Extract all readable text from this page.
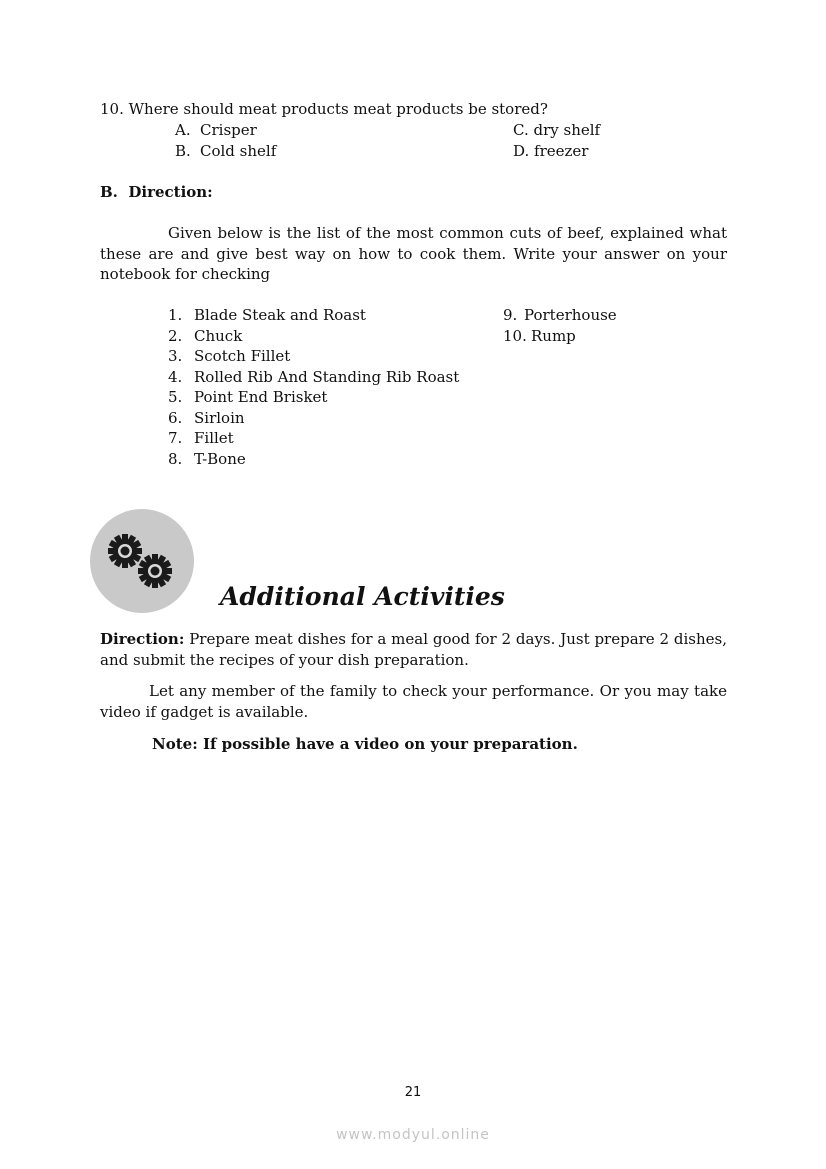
10. Where should meat products meat products be stored?
A. Crisper
B. Cold shelf
C. dry shelf
D. freezer
B. Direction:
Given below is the list of the most common cuts of beef, explained what these are and give best way on how to cook them. Write your answer on your notebook for checking
1. Blade Steak and Roast
2. Chuck
3. Scotch Fillet
4. Rolled Rib And Standing Rib Roast
5. Point End Brisket
6. Sirloin
7. Fillet
8. T-Bone
9. Porterhouse
10. Rump
Additional Activities
Direction: Prepare meat dishes for a meal good for 2 days. Just prepare 2 dishes, and submit the recipes of your dish preparation.
Let any member of the family to check your performance. Or you may take video if gadget is available.
Note: If possible have a video on your preparation.
21
www.modyul.online
